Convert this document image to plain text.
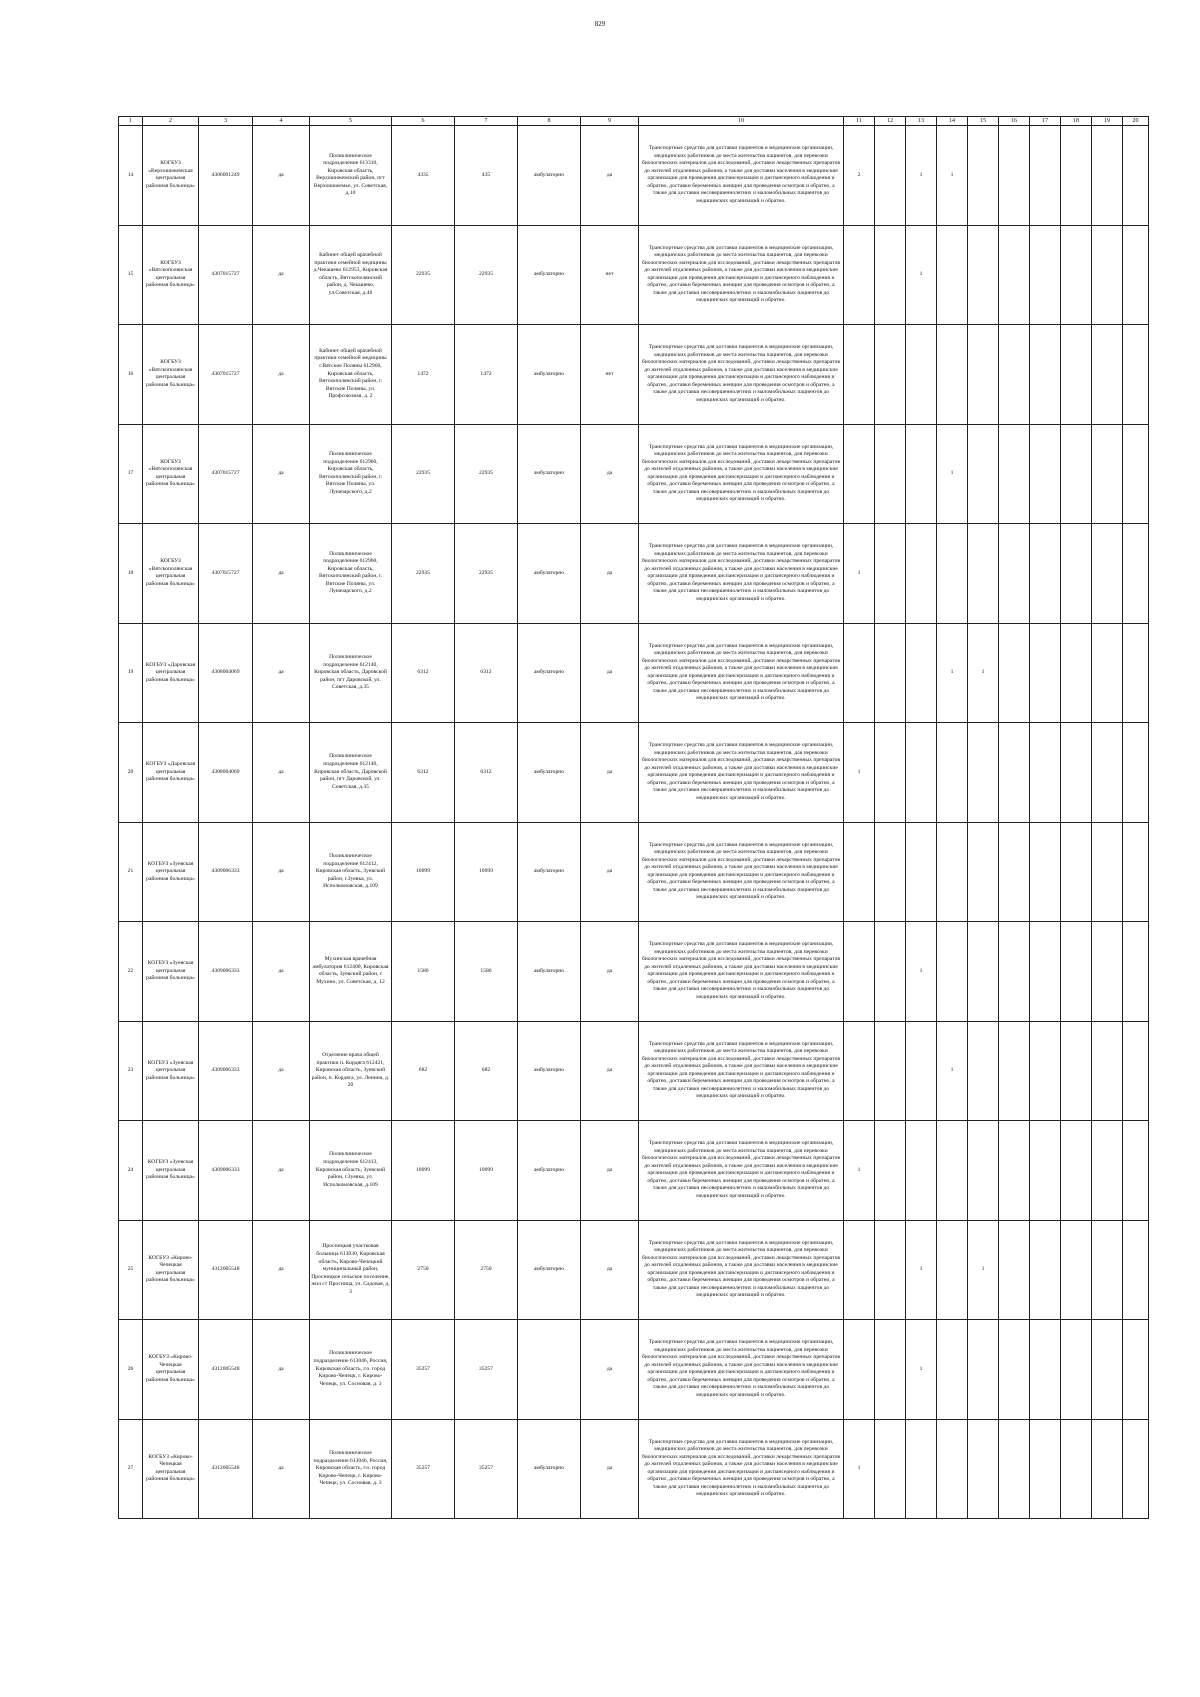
829
1	2	3	4	5	6	7	8	9	10	11	12	13	14	15	16	17	18	19	20
14	КОГБУЗ «Верхошижемская центральная районная больница»	4306001249	да	Поликлиническое подразделение 613310, Кировская область, Верхошижемский район, пгт Верхошижемье, ул. Советская, д.10	4335	435	амбулаторно	да	Транспортные средства для доставки пациентов в медицинские организации, медицинских работников до места жительства пациентов, для перевозки биологических материалов для исследований, доставки лекарственных препаратов до жителей отдаленных районов, а также для доставки населения в медицинские организации для проведения диспансеризации и диспансерного наблюдения и обратно, доставки беременных женщин для проведения осмотров и обратно, а также для доставки несовершеннолетних и маломобильных пациентов до медицинских организаций и обратно.	2		1	1						
15	КОГБУЗ «Вятскополянская центральная районная больница»	4307015727	да	Кабинет общей врачебной практики семейной медицины д.Чекашево 612953, Кировская область, Вятскополянский район, д. Чекашево, ул.Советская, д.46	22935	22935	амбулаторно	нет	Транспортные средства для доставки пациентов в медицинские организации, медицинских работников до места жительства пациентов, для перевозки биологических материалов для исследований, доставки лекарственных препаратов до жителей отдаленных районов, а также для доставки населения в медицинские организации для проведения диспансеризации и диспансерного наблюдения и обратно, доставки беременных женщин для проведения осмотров и обратно, а также для доставки несовершеннолетних и маломобильных пациентов до медицинских организаций и обратно.			1							
16	КОГБУЗ «Вятскополянская центральная районная больница»	4307015727	да	Кабинет общей врачебной практики семейной медицины г.Вятские Поляны 612960, Кировская область, Вятскополянский район, г. Вятские Поляны, ул. Профсоюзная, д. 2	1472	1472	амбулаторно	нет	Транспортные средства для доставки пациентов в медицинские организации, медицинских работников до места жительства пациентов, для перевозки биологических материалов для исследований, доставки лекарственных препаратов до жителей отдаленных районов, а также для доставки населения в медицинские организации для проведения диспансеризации и диспансерного наблюдения и обратно, доставки беременных женщин для проведения осмотров и обратно, а также для доставки несовершеннолетних и маломобильных пациентов до медицинских организаций и обратно.										
17	КОГБУЗ «Вятскополянская центральная районная больница»	4307015727	да	Поликлиническое подразделение 612960, Кировская область, Вятскополянский район, г. Вятские Поляны, ул. Луначарского, д.2	22935	22935	амбулаторно	да	Транспортные средства для доставки пациентов в медицинские организации, медицинских работников до места жительства пациентов, для перевозки биологических материалов для исследований, доставки лекарственных препаратов до жителей отдаленных районов, а также для доставки населения в медицинские организации для проведения диспансеризации и диспансерного наблюдения и обратно, доставки беременных женщин для проведения осмотров и обратно, а также для доставки несовершеннолетних и маломобильных пациентов до медицинских организаций и обратно.				1						
18	КОГБУЗ «Вятскополянская центральная районная больница»	4307015727	да	Поликлиническое подразделение 612960, Кировская область, Вятскополянский район, г. Вятские Поляны, ул. Луначарского, д.2	22935	22935	амбулаторно	да	Транспортные средства для доставки пациентов в медицинские организации, медицинских работников до места жительства пациентов, для перевозки биологических материалов для исследований, доставки лекарственных препаратов до жителей отдаленных районов, а также для доставки населения в медицинские организации для проведения диспансеризации и диспансерного наблюдения и обратно, доставки беременных женщин для проведения осмотров и обратно, а также для доставки несовершеннолетних и маломобильных пациентов до медицинских организаций и обратно.	1									
19	КОГБУЗ «Даровская центральная районная больница»	4308004069	да	Поликлиническое подразделение 612140, Кировская область, Даровской район, пгт Даровской, ул. Советская, д.35	6312	6312	амбулаторно	да	Транспортные средства для доставки пациентов в медицинские организации, медицинских работников до места жительства пациентов, для перевозки биологических материалов для исследований, доставки лекарственных препаратов до жителей отдаленных районов, а также для доставки населения в медицинские организации для проведения диспансеризации и диспансерного наблюдения и обратно, доставки беременных женщин для проведения осмотров и обратно, а также для доставки несовершеннолетних и маломобильных пациентов до медицинских организаций и обратно.				1	1					
20	КОГБУЗ «Даровская центральная районная больница»	4308004069	да	Поликлиническое подразделение 612140, Кировская область, Даровской район, пгт Даровской, ул. Советская, д.35	6312	6312	амбулаторно	да	Транспортные средства для доставки пациентов в медицинские организации, медицинских работников до места жительства пациентов, для перевозки биологических материалов для исследований, доставки лекарственных препаратов до жителей отдаленных районов, а также для доставки населения в медицинские организации для проведения диспансеризации и диспансерного наблюдения и обратно, доставки беременных женщин для проведения осмотров и обратно, а также для доставки несовершеннолетних и маломобильных пациентов до медицинских организаций и обратно.	1									
21	КОГБУЗ «Зуевская центральная районная больница»	4309006333	да	Поликлиническое подразделение 612412, Кировская область, Зуевский район, г.Зуевка, ул. Исполкомовская, д.109	10099	10099	амбулаторно	да	Транспортные средства для доставки пациентов в медицинские организации, медицинских работников до места жительства пациентов, для перевозки биологических материалов для исследований, доставки лекарственных препаратов до жителей отдаленных районов, а также для доставки населения в медицинские организации для проведения диспансеризации и диспансерного наблюдения и обратно, доставки беременных женщин для проведения осмотров и обратно, а также для доставки несовершеннолетних и маломобильных пациентов до медицинских организаций и обратно.										
22	КОГБУЗ «Зуевская центральная районная больница»	4309006333	да	Мухинская врачебная амбулатория 612400, Кировская область, Зуевский район, с Мухино, ул. Советская, д. 12	1586	1586	амбулаторно	да	Транспортные средства для доставки пациентов в медицинские организации, медицинских работников до места жительства пациентов, для перевозки биологических материалов для исследований, доставки лекарственных препаратов до жителей отдаленных районов, а также для доставки населения в медицинские организации для проведения диспансеризации и диспансерного наблюдения и обратно, доставки беременных женщин для проведения осмотров и обратно, а также для доставки несовершеннолетних и маломобильных пациентов до медицинских организаций и обратно.			1							
23	КОГБУЗ «Зуевская центральная районная больница»	4309006333	да	Отделение врача общей практики п. Кордяга 612421, Кировская область, Зуевский район, п. Кордяга, ул. Ленина, д. 20	682	682	амбулаторно	да	Транспортные средства для доставки пациентов в медицинские организации, медицинских работников до места жительства пациентов, для перевозки биологических материалов для исследований, доставки лекарственных препаратов до жителей отдаленных районов, а также для доставки населения в медицинские организации для проведения диспансеризации и диспансерного наблюдения и обратно, доставки беременных женщин для проведения осмотров и обратно, а также для доставки несовершеннолетних и маломобильных пациентов до медицинских организаций и обратно.				1						
24	КОГБУЗ «Зуевская центральная районная больница»	4309006333	да	Поликлиническое подразделение 612412, Кировская область, Зуевский район, г.Зуевка, ул. Исполкомовская, д.109	10099	10099	амбулаторно	да	Транспортные средства для доставки пациентов в медицинские организации, медицинских работников до места жительства пациентов, для перевозки биологических материалов для исследований, доставки лекарственных препаратов до жителей отдаленных районов, а также для доставки населения в медицинские организации для проведения диспансеризации и диспансерного наблюдения и обратно, доставки беременных женщин для проведения осмотров и обратно, а также для доставки несовершеннолетних и маломобильных пациентов до медицинских организаций и обратно.	1									
25	КОГБУЗ «Кирово-Чепецкая центральная районная больница»	4312005548	да	Просницкая участковая больница 613030, Кировская область, Кирово-Чепецкий муниципальный район, Просницкое сельское поселение, жил ст Просница, ул. Садовая, д. 3	2750	2750	амбулаторно	да	Транспортные средства для доставки пациентов в медицинские организации, медицинских работников до места жительства пациентов, для перевозки биологических материалов для исследований, доставки лекарственных препаратов до жителей отдаленных районов, а также для доставки населения в медицинские организации для проведения диспансеризации и диспансерного наблюдения и обратно, доставки беременных женщин для проведения осмотров и обратно, а также для доставки несовершеннолетних и маломобильных пациентов до медицинских организаций и обратно.			1		1					
26	КОГБУЗ «Кирово-Чепецкая центральная районная больница»	4312005548	да	Поликлиническое подразделение 613046, Россия, Кировская область, г.о. город Кирово-Чепецк, г. Кирово-Чепецк, ул. Сосновая, д. 3	35257	35257		да	Транспортные средства для доставки пациентов в медицинские организации, медицинских работников до места жительства пациентов, для перевозки биологических материалов для исследований, доставки лекарственных препаратов до жителей отдаленных районов, а также для доставки населения в медицинские организации для проведения диспансеризации и диспансерного наблюдения и обратно, доставки беременных женщин для проведения осмотров и обратно, а также для доставки несовершеннолетних и маломобильных пациентов до медицинских организаций и обратно.			1							
27	КОГБУЗ «Кирово-Чепецкая центральная районная больница»	4312005548	да	Поликлиническое подразделение 613046, Россия, Кировская область, г.о. город Кирово-Чепецк, г. Кирово-Чепецк, ул. Сосновая, д. 3	35257	35257	амбулаторно	да	Транспортные средства для доставки пациентов в медицинские организации, медицинских работников до места жительства пациентов, для перевозки биологических материалов для исследований, доставки лекарственных препаратов до жителей отдаленных районов, а также для доставки населения в медицинские организации для проведения диспансеризации и диспансерного наблюдения и обратно, доставки беременных женщин для проведения осмотров и обратно, а также для доставки несовершеннолетних и маломобильных пациентов до медицинских организаций и обратно.	1									
